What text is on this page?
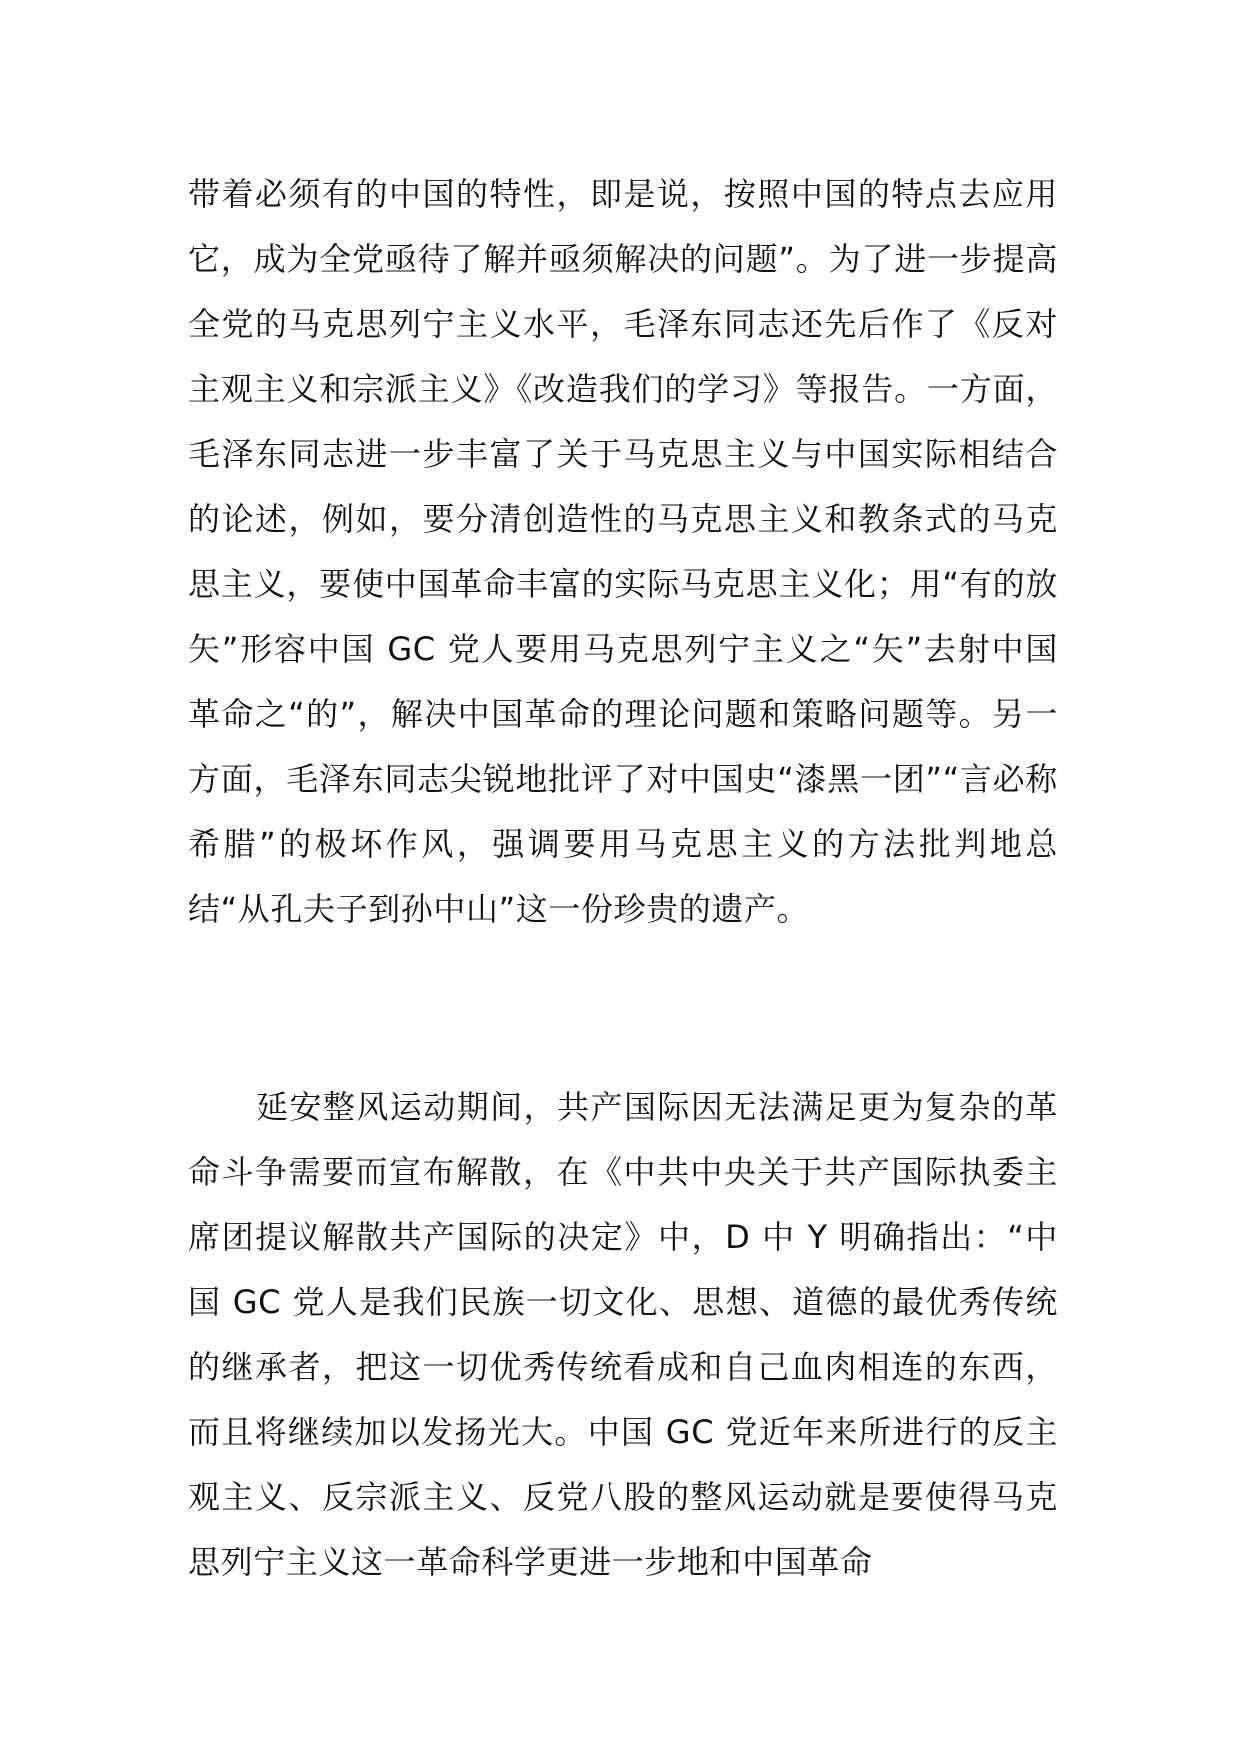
带着必须有的中国的特性，即是说，按照中国的特点去应用它，成为全党亟待了解并亟须解决的问题”。为了进一步提高全党的马克思列宁主义水平，毛泽东同志还先后作了《反对主观主义和宗派主义》《改造我们的学习》等报告。一方面，毛泽东同志进一步丰富了关于马克思主义与中国实际相结合的论述，例如，要分清创造性的马克思主义和教条式的马克思主义，要使中国革命丰富的实际马克思主义化；用“有的放矢”形容中国 GC 党人要用马克思列宁主义之“矢”去射中国革命之“的”，解决中国革命的理论问题和策略问题等。另一方面，毛泽东同志尖锐地批评了对中国史“漆黑一团”“言必称希腊”的极坏作风，强调要用马克思主义的方法批判地总结“从孔夫子到孙中山”这一份珍贵的遗产。
延安整风运动期间，共产国际因无法满足更为复杂的革命斗争需要而宣布解散，在《中共中央关于共产国际执委主席团提议解散共产国际的决定》中，D 中 Y 明确指出：“中国 GC 党人是我们民族一切文化、思想、道德的最优秀传统的继承者，把这一切优秀传统看成和自己血肉相连的东西，而且将继续加以发扬光大。中国 GC 党近年来所进行的反主观主义、反宗派主义、反党八股的整风运动就是要使得马克思列宁主义这一革命科学更进一步地和中国革命
